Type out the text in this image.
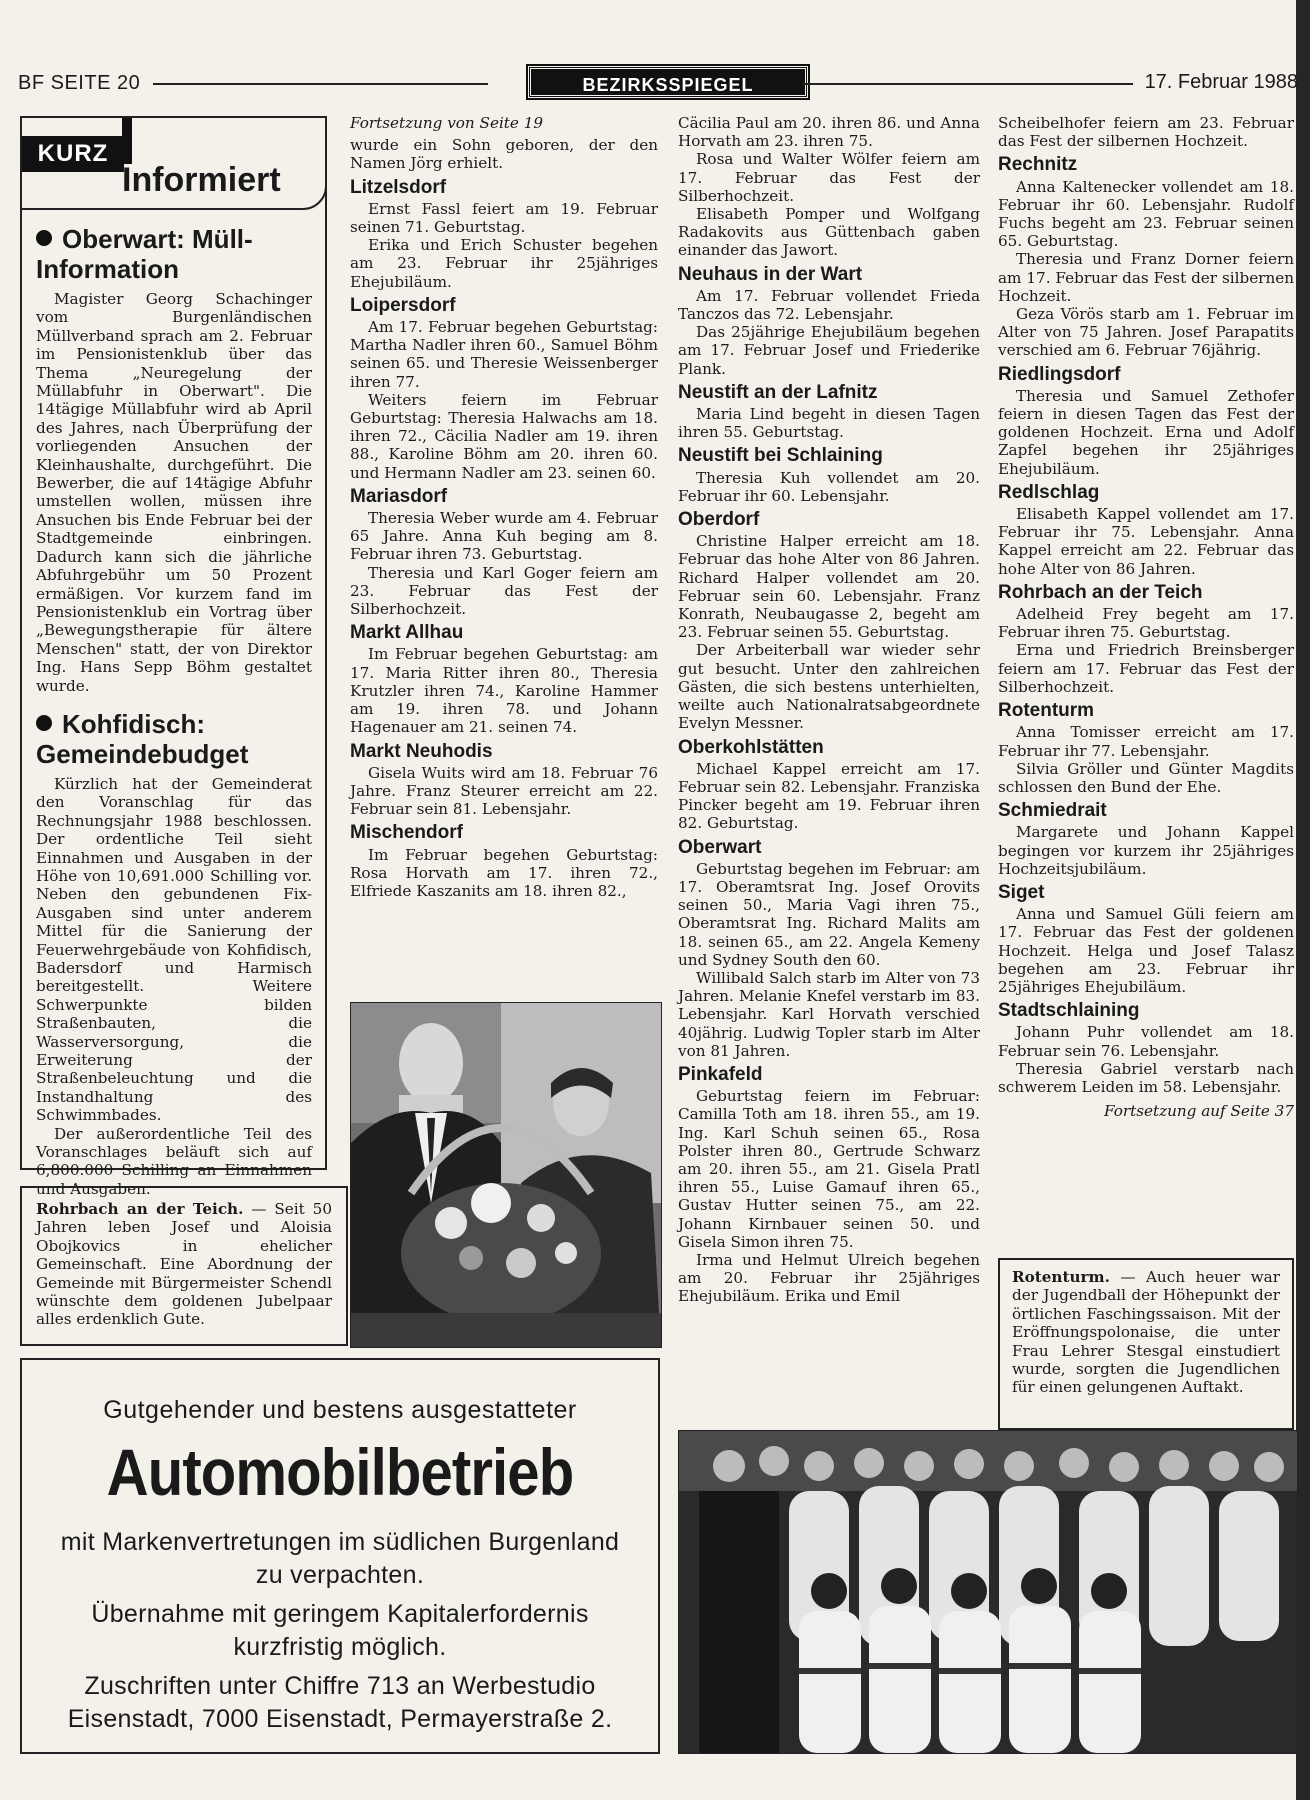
BF SEITE 20	BEZIRKSSPIEGEL	17. Februar 1988
KURZ
Informiert
Oberwart: Müll-Information

Magister Georg Schachinger vom Burgenländischen Müllverband sprach am 2. Februar im Pensionistenklub über das Thema „Neuregelung der Müllabfuhr in Oberwart". Die 14tägige Müllabfuhr wird ab April des Jahres, nach Überprüfung der vorliegenden Ansuchen der Kleinhaushalte, durchgeführt. Die Bewerber, die auf 14tägige Abfuhr umstellen wollen, müssen ihre Ansuchen bis Ende Februar bei der Stadtgemeinde einbringen. Dadurch kann sich die jährliche Abfuhrgebühr um 50 Prozent ermäßigen. Vor kurzem fand im Pensionistenklub ein Vortrag über „Bewegungstherapie für ältere Menschen" statt, der von Direktor Ing. Hans Sepp Böhm gestaltet wurde.

Kohfidisch: Gemeindebudget

Kürzlich hat der Gemeinderat den Voranschlag für das Rechnungsjahr 1988 beschlossen. Der ordentliche Teil sieht Einnahmen und Ausgaben in der Höhe von 10,691.000 Schilling vor. Neben den gebundenen Fix-Ausgaben sind unter anderem Mittel für die Sanierung der Feuerwehrgebäude von Kohfidisch, Badersdorf und Harmisch bereitgestellt. Weitere Schwerpunkte bilden Straßenbauten, die Wasserversorgung, die Erweiterung der Straßenbeleuchtung und die Instandhaltung des Schwimmbades.

Der außerordentliche Teil des Voranschlages beläuft sich auf 6,800.000 Schilling an Einnahmen und Ausgaben.

Rohrbach an der Teich. — Seit 50 Jahren leben Josef und Aloisia Obojkovics in ehelicher Gemeinschaft. Eine Abordnung der Gemeinde mit Bürgermeister Schendl wünschte dem goldenen Jubelpaar alles erdenklich Gute.

Fortsetzung von Seite 19

wurde ein Sohn geboren, der den Namen Jörg erhielt.

Litzelsdorf

Ernst Fassl feiert am 19. Februar seinen 71. Geburtstag.

Erika und Erich Schuster begehen am 23. Februar ihr 25jähriges Ehejubiläum.

Loipersdorf

Am 17. Februar begehen Geburtstag: Martha Nadler ihren 60., Samuel Böhm seinen 65. und Theresie Weissenberger ihren 77.

Weiters feiern im Februar Geburtstag: Theresia Halwachs am 18. ihren 72., Cäcilia Nadler am 19. ihren 88., Karoline Böhm am 20. ihren 60. und Hermann Nadler am 23. seinen 60.

Mariasdorf

Theresia Weber wurde am 4. Februar 65 Jahre. Anna Kuh beging am 8. Februar ihren 73. Geburtstag.

Theresia und Karl Goger feiern am 23. Februar das Fest der Silberhochzeit.

Markt Allhau

Im Februar begehen Geburtstag: am 17. Maria Ritter ihren 80., Theresia Krutzler ihren 74., Karoline Hammer am 19. ihren 78. und Johann Hagenauer am 21. seinen 74.

Markt Neuhodis

Gisela Wuits wird am 18. Februar 76 Jahre. Franz Steurer erreicht am 22. Februar sein 81. Lebensjahr.

Mischendorf

Im Februar begehen Geburtstag: Rosa Horvath am 17. ihren 72., Elfriede Kaszanits am 18. ihren 82.,

Cäcilia Paul am 20. ihren 86. und Anna Horvath am 23. ihren 75.

Rosa und Walter Wölfer feiern am 17. Februar das Fest der Silberhochzeit.

Elisabeth Pomper und Wolfgang Radakovits aus Güttenbach gaben einander das Jawort.

Neuhaus in der Wart

Am 17. Februar vollendet Frieda Tanczos das 72. Lebensjahr.

Das 25jährige Ehejubiläum begehen am 17. Februar Josef und Friederike Plank.

Neustift an der Lafnitz

Maria Lind begeht in diesen Tagen ihren 55. Geburtstag.

Neustift bei Schlaining

Theresia Kuh vollendet am 20. Februar ihr 60. Lebensjahr.

Oberdorf

Christine Halper erreicht am 18. Februar das hohe Alter von 86 Jahren. Richard Halper vollendet am 20. Februar sein 60. Lebensjahr. Franz Konrath, Neubaugasse 2, begeht am 23. Februar seinen 55. Geburtstag.

Der Arbeiterball war wieder sehr gut besucht. Unter den zahlreichen Gästen, die sich bestens unterhielten, weilte auch Nationalratsabgeordnete Evelyn Messner.

Oberkohlstätten

Michael Kappel erreicht am 17. Februar sein 82. Lebensjahr. Franziska Pincker begeht am 19. Februar ihren 82. Geburtstag.

Oberwart

Geburtstag begehen im Februar: am 17. Oberamtsrat Ing. Josef Orovits seinen 50., Maria Vagi ihren 75., Oberamtsrat Ing. Richard Malits am 18. seinen 65., am 22. Angela Kemeny und Sydney South den 60.

Willibald Salch starb im Alter von 73 Jahren. Melanie Knefel verstarb im 83. Lebensjahr. Karl Horvath verschied 40jährig. Ludwig Topler starb im Alter von 81 Jahren.

Pinkafeld

Geburtstag feiern im Februar: Camilla Toth am 18. ihren 55., am 19. Ing. Karl Schuh seinen 65., Rosa Polster ihren 80., Gertrude Schwarz am 20. ihren 55., am 21. Gisela Pratl ihren 55., Luise Gamauf ihren 65., Gustav Hutter seinen 75., am 22. Johann Kirnbauer seinen 50. und Gisela Simon ihren 75.

Irma und Helmut Ulreich begehen am 20. Februar ihr 25jähriges Ehejubiläum. Erika und Emil

Scheibelhofer feiern am 23. Februar das Fest der silbernen Hochzeit.

Rechnitz

Anna Kaltenecker vollendet am 18. Februar ihr 60. Lebensjahr. Rudolf Fuchs begeht am 23. Februar seinen 65. Geburtstag.

Theresia und Franz Dorner feiern am 17. Februar das Fest der silbernen Hochzeit.

Geza Vörös starb am 1. Februar im Alter von 75 Jahren. Josef Parapatits verschied am 6. Februar 76jährig.

Riedlingsdorf

Theresia und Samuel Zethofer feiern in diesen Tagen das Fest der goldenen Hochzeit. Erna und Adolf Zapfel begehen ihr 25jähriges Ehejubiläum.

Redlschlag

Elisabeth Kappel vollendet am 17. Februar ihr 75. Lebensjahr. Anna Kappel erreicht am 22. Februar das hohe Alter von 86 Jahren.

Rohrbach an der Teich

Adelheid Frey begeht am 17. Februar ihren 75. Geburtstag.

Erna und Friedrich Breinsberger feiern am 17. Februar das Fest der Silberhochzeit.

Rotenturm

Anna Tomisser erreicht am 17. Februar ihr 77. Lebensjahr.

Silvia Gröller und Günter Magdits schlossen den Bund der Ehe.

Schmiedrait

Margarete und Johann Kappel begingen vor kurzem ihr 25jähriges Hochzeitsjubiläum.

Siget

Anna und Samuel Güli feiern am 17. Februar das Fest der goldenen Hochzeit. Helga und Josef Talasz begehen am 23. Februar ihr 25jähriges Ehejubiläum.

Stadtschlaining

Johann Puhr vollendet am 18. Februar sein 76. Lebensjahr.

Theresia Gabriel verstarb nach schwerem Leiden im 58. Lebensjahr.

Fortsetzung auf Seite 37

Rotenturm. — Auch heuer war der Jugendball der Höhepunkt der örtlichen Faschingssaison. Mit der Eröffnungspolonaise, die unter Frau Lehrer Stesgal einstudiert wurde, sorgten die Jugendlichen für einen gelungenen Auftakt.
Gutgehender und bestens ausgestatteter
Automobilbetrieb
mit Markenvertretungen im südlichen Burgenland zu verpachten.
Übernahme mit geringem Kapitalerfordernis kurzfristig möglich.
Zuschriften unter Chiffre 713 an Werbestudio Eisenstadt, 7000 Eisenstadt, Permayerstraße 2.
